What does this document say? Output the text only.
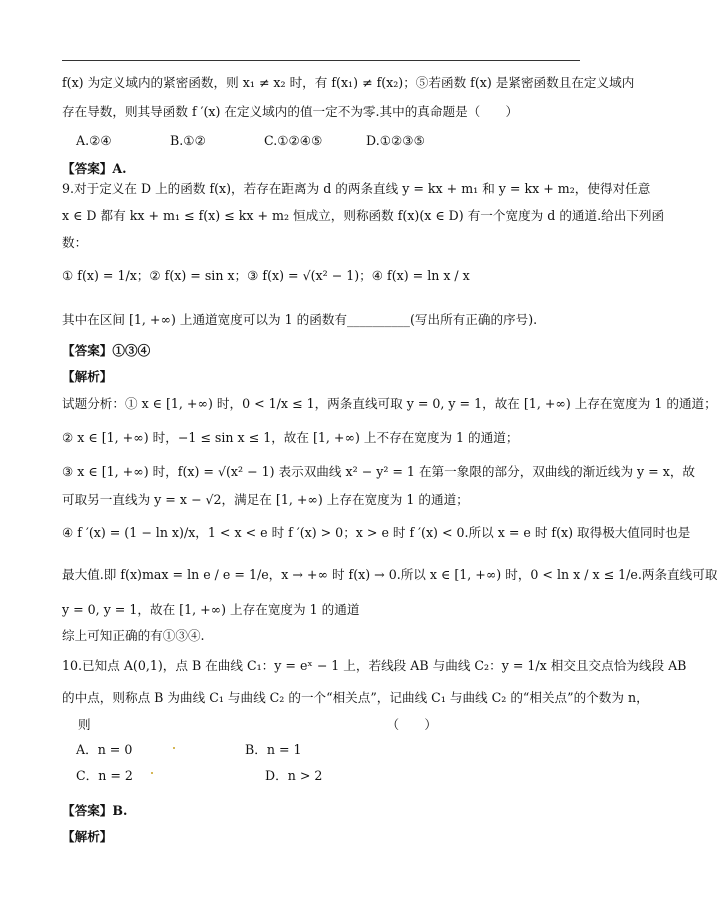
f(x) 为定义域内的紧密函数，则 x₁ ≠ x₂ 时，有 f(x₁) ≠ f(x₂)；⑤若函数 f(x) 是紧密函数且在定义域内
存在导数，则其导函数 f ′(x) 在定义域内的值一定不为零.其中的真命题是（　　）
【答案】A.
9.对于定义在 D 上的函数 f(x)，若存在距离为 d 的两条直线 y = kx + m₁ 和 y = kx + m₂，使得对任意
x ∈ D 都有 kx + m₁ ≤ f(x) ≤ kx + m₂ 恒成立，则称函数 f(x)(x ∈ D) 有一个宽度为 d 的通道.给出下列函
数：
① f(x) = 1/x；② f(x) = sin x；③ f(x) = √(x² − 1)；④ f(x) = ln x / x
其中在区间 [1, +∞) 上通道宽度可以为 1 的函数有__________(写出所有正确的序号).
【答案】①③④
【解析】
试题分析：① x ∈ [1, +∞) 时，0 < 1/x ≤ 1，两条直线可取 y = 0, y = 1，故在 [1, +∞) 上存在宽度为 1 的通道；
② x ∈ [1, +∞) 时，−1 ≤ sin x ≤ 1，故在 [1, +∞) 上不存在宽度为 1 的通道；
③ x ∈ [1, +∞) 时，f(x) = √(x² − 1) 表示双曲线 x² − y² = 1 在第一象限的部分，双曲线的渐近线为 y = x，故
可取另一直线为 y = x − √2，满足在 [1, +∞) 上存在宽度为 1 的通道；
④ f ′(x) = (1 − ln x)/x，1 < x < e 时 f ′(x) > 0；x > e 时 f ′(x) < 0.所以 x = e 时 f(x) 取得极大值同时也是
最大值.即 f(x)max = ln e / e = 1/e，x → +∞ 时 f(x) → 0.所以 x ∈ [1, +∞) 时，0 < ln x / x ≤ 1/e.两条直线可取
y = 0, y = 1，故在 [1, +∞) 上存在宽度为 1 的通道
综上可知正确的有①③④.
10.已知点 A(0,1)，点 B 在曲线 C₁：y = eˣ − 1 上，若线段 AB 与曲线 C₂：y = 1/x 相交且交点恰为线段 AB
的中点，则称点 B 为曲线 C₁ 与曲线 C₂ 的一个“相关点”，记曲线 C₁ 与曲线 C₂ 的“相关点”的个数为 n，
则　　　　　　　　　　　　　　　　　　　　　　　　（　　）
【答案】B.
【解析】
A.②④	B.①②	C.①②④⑤	D.①②③⑤
A．n = 0	B．n = 1
C．n = 2	D．n > 2
